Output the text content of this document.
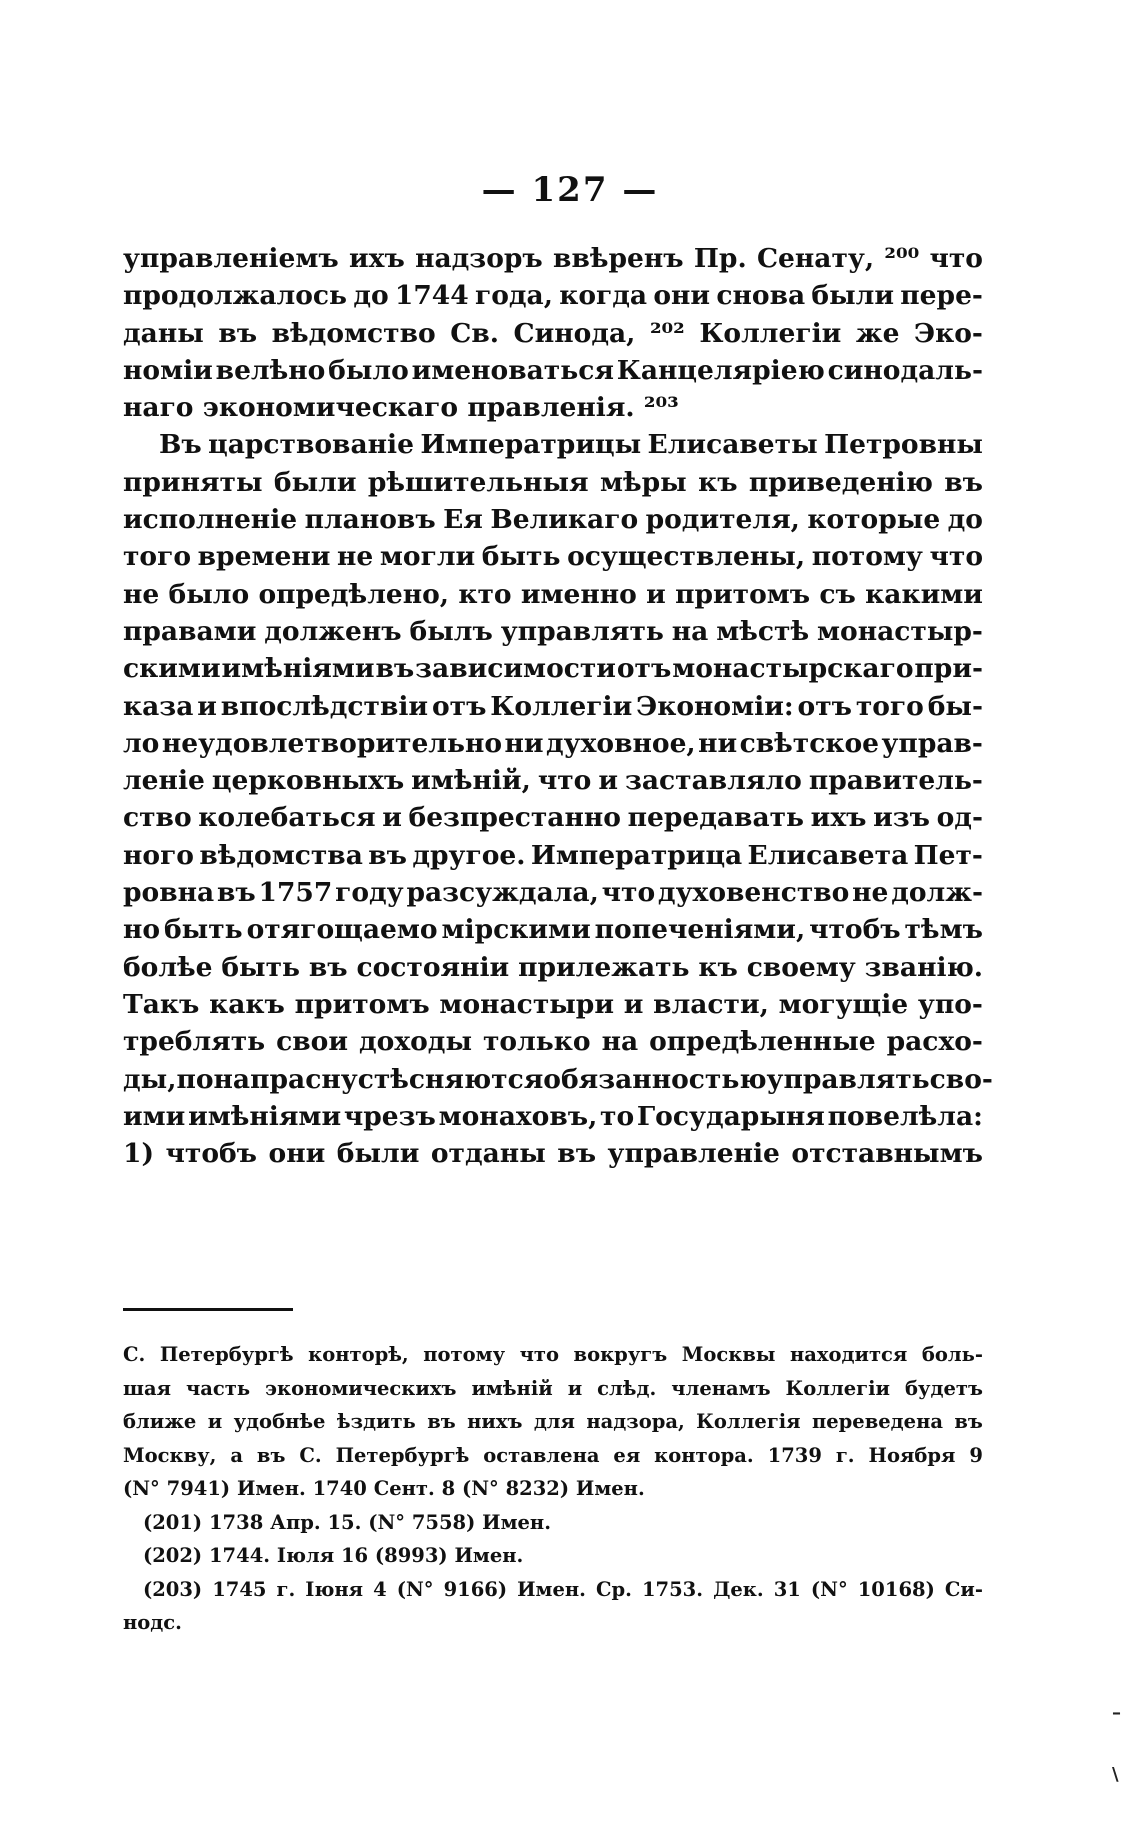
— 127 —
управленіемъ ихъ надзоръ ввѣренъ Пр. Сенату, ²⁰⁰ что
продолжалось до 1744 года, когда они снова были пере-
даны въ вѣдомство Св. Синода, ²⁰² Коллегіи же Эко-
номіи велѣно было именоваться Канцеляріею синодаль-
наго экономическаго правленія. ²⁰³
Въ царствованіе Императрицы Елисаветы Петровны
приняты были рѣшительныя мѣры къ приведенію въ
исполненіе плановъ Ея Великаго родителя, которые до
того времени не могли быть осуществлены, потому что
не было опредѣлено, кто именно и притомъ съ какими
правами долженъ былъ управлять на мѣстѣ монастыр-
скими имѣніями въ зависимости отъ монастырскаго при-
каза и впослѣдствіи отъ Коллегіи Экономіи: отъ того бы-
ло неудовлетворительно ни духовное, ни свѣтское управ-
леніе церковныхъ имѣній, что и заставляло правитель-
ство колебаться и безпрестанно передавать ихъ изъ од-
ного вѣдомства въ другое. Императрица Елисавета Пет-
ровна въ 1757 году разсуждала, что духовенство не долж-
но быть отягощаемо мірскими попеченіями, чтобъ тѣмъ
болѣе быть въ состояніи прилежать къ своему званію.
Такъ какъ притомъ монастыри и власти, могущіе упо-
треблять свои доходы только на опредѣленные расхо-
ды, понапрасну стѣсняются обязанностью управлять сво-
ими имѣніями чрезъ монаховъ, то Государыня повелѣла:
1) чтобъ они были отданы въ управленіе отставнымъ
С. Петербургѣ конторѣ, потому что вокругъ Москвы находится боль-
шая часть экономическихъ имѣній и слѣд. членамъ Коллегіи будетъ
ближе и удобнѣе ѣздить въ нихъ для надзора, Коллегія переведена въ
Москву, а въ С. Петербургѣ оставлена ея контора. 1739 г. Ноября 9
(N° 7941) Имен. 1740 Сент. 8 (N° 8232) Имен.
(201) 1738 Апр. 15. (N° 7558) Имен.
(202) 1744. Іюля 16 (8993) Имен.
(203) 1745 г. Іюня 4 (N° 9166) Имен. Ср. 1753. Дек. 31 (N° 10168) Си-
нодс.
–
\
